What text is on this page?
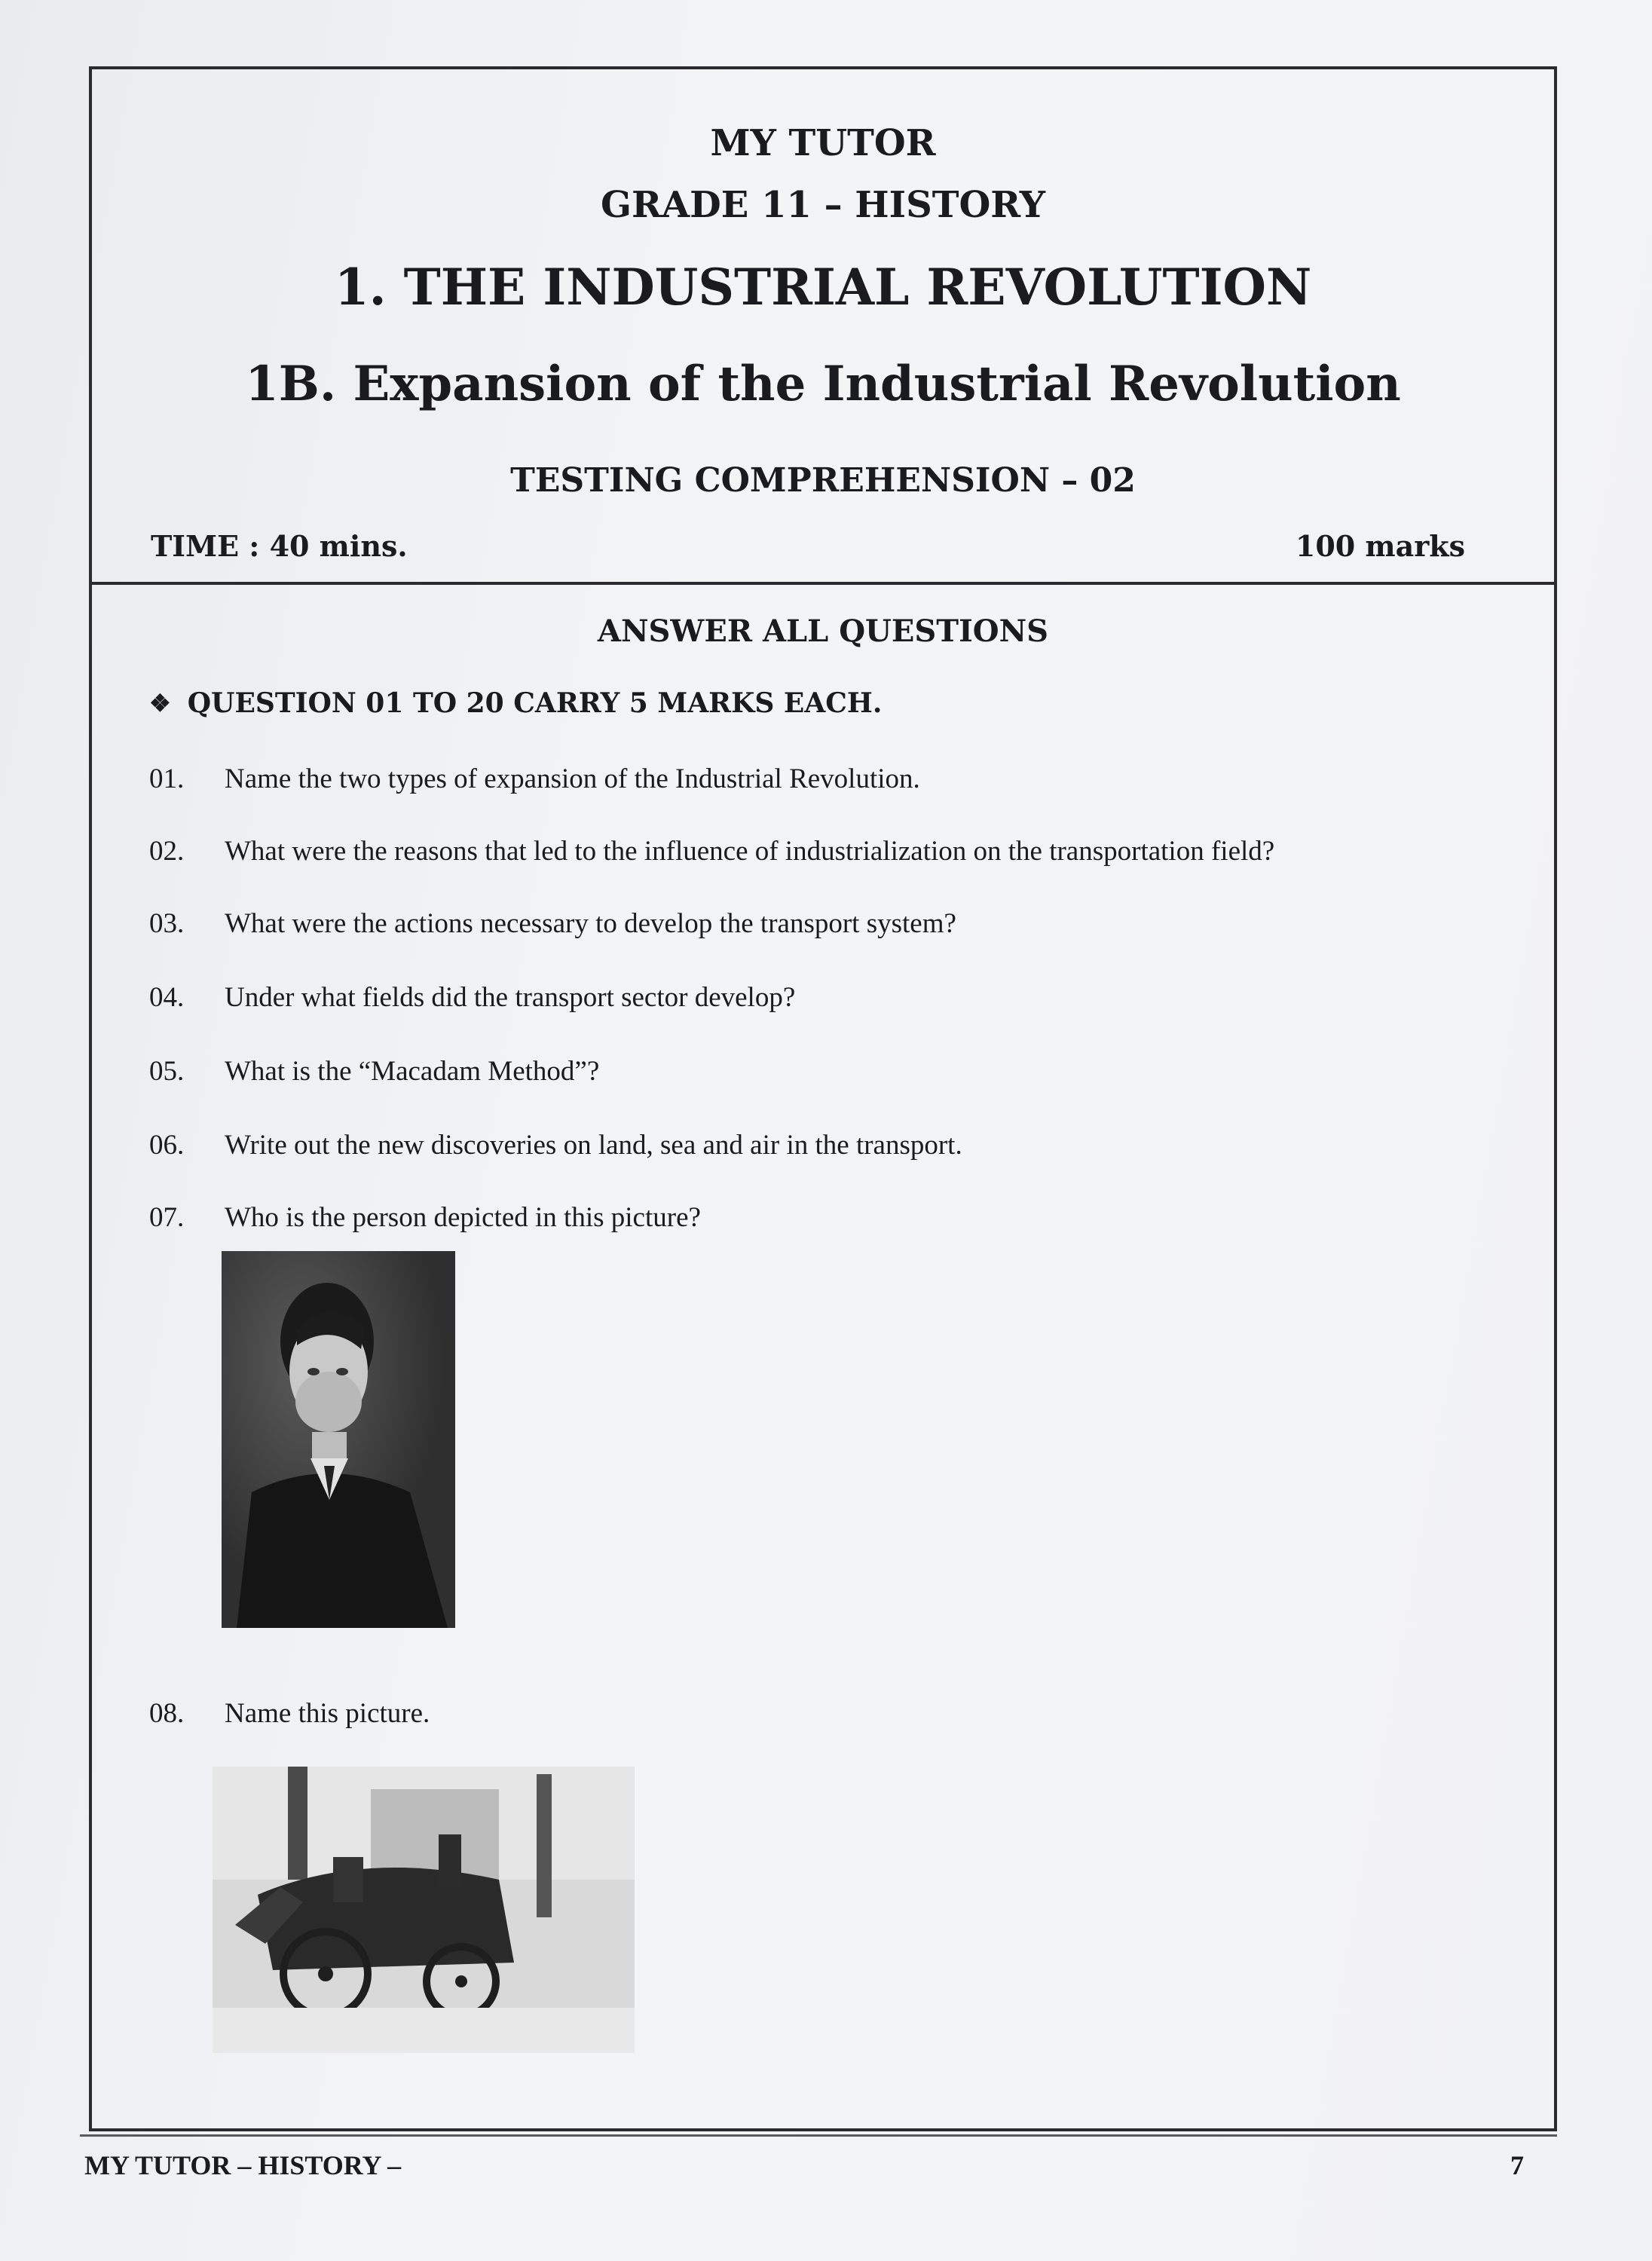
MY TUTOR
GRADE 11 – HISTORY
1. THE INDUSTRIAL REVOLUTION
1B. Expansion of the Industrial Revolution
TESTING COMPREHENSION – 02
TIME : 40 mins.	100 marks
ANSWER ALL QUESTIONS
❖ QUESTION 01 TO 20 CARRY 5 MARKS EACH.
01.	Name the two types of expansion of the Industrial Revolution.
02.	What were the reasons that led to the influence of industrialization on the transportation field?
03.	What were the actions necessary to develop the transport system?
04.	Under what fields did the transport sector develop?
05.	What is the “Macadam Method”?
06.	Write out the new discoveries on land, sea and air in the transport.
07.	Who is the person depicted in this picture?
08.	Name this picture.
MY TUTOR – HISTORY –	7
